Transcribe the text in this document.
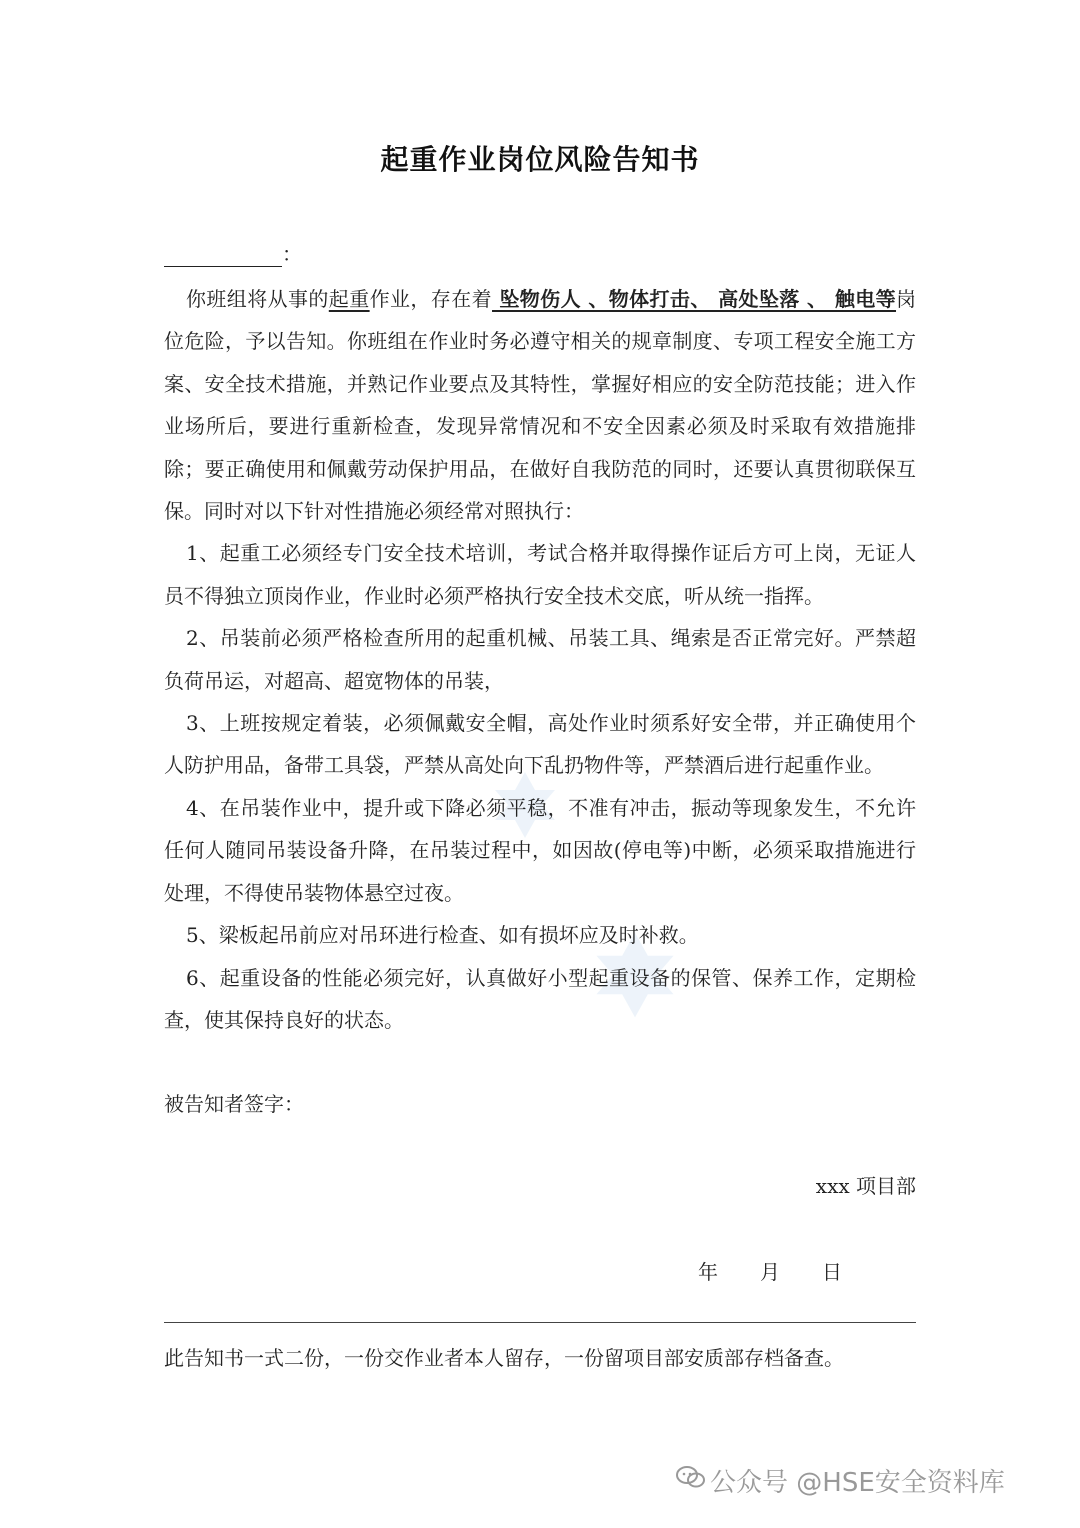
起重作业岗位风险告知书
：

你班组将从事的起重作业，存在着 坠物伤人 、物体打击、 高处坠落 、 触电等岗位危险，予以告知。你班组在作业时务必遵守相关的规章制度、专项工程安全施工方案、安全技术措施，并熟记作业要点及其特性，掌握好相应的安全防范技能；进入作业场所后，要进行重新检查，发现异常情况和不安全因素必须及时采取有效措施排除；要正确使用和佩戴劳动保护用品，在做好自我防范的同时，还要认真贯彻联保互保。同时对以下针对性措施必须经常对照执行：

1、起重工必须经专门安全技术培训，考试合格并取得操作证后方可上岗，无证人员不得独立顶岗作业，作业时必须严格执行安全技术交底，听从统一指挥。

2、吊装前必须严格检查所用的起重机械、吊装工具、绳索是否正常完好。严禁超负荷吊运，对超高、超宽物体的吊装，

3、上班按规定着装，必须佩戴安全帽，高处作业时须系好安全带，并正确使用个人防护用品，备带工具袋，严禁从高处向下乱扔物件等，严禁酒后进行起重作业。

4、在吊装作业中，提升或下降必须平稳，不准有冲击，振动等现象发生，不允许任何人随同吊装设备升降，在吊装过程中，如因故(停电等)中断，必须采取措施进行处理，不得使吊装物体悬空过夜。

5、梁板起吊前应对吊环进行检查、如有损坏应及时补救。

6、起重设备的性能必须完好，认真做好小型起重设备的保管、保养工作，定期检查，使其保持良好的状态。

被告知者签字：
xxx 项目部
年 月 日
此告知书一式二份，一份交作业者本人留存，一份留项目部安质部存档备查。
公众号 @HSE安全资料库
